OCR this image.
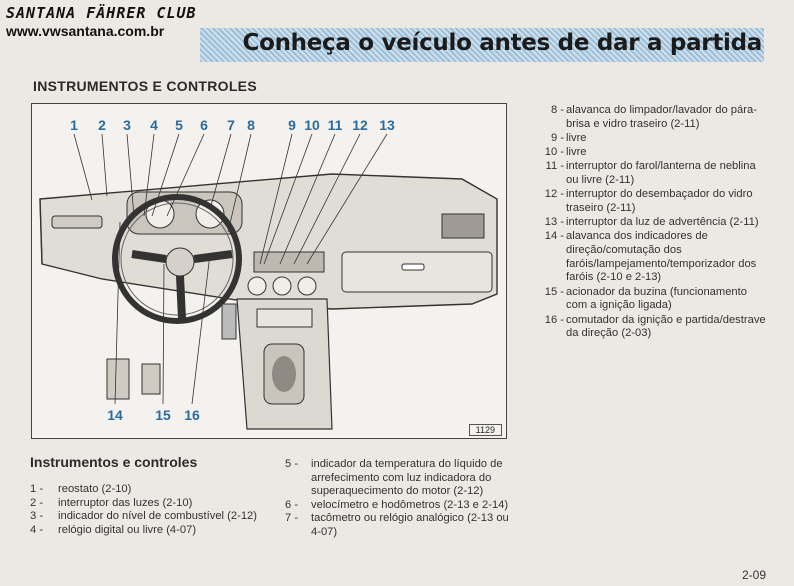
SANTANA FÄHRER CLUB
www.vwsantana.com.br	Conheça o veículo antes de dar a partida
INSTRUMENTOS E CONTROLES
1 2 3 4 5 6 7 8 9 10 11 12 13
14 15 16
1129
8 - alavanca do limpador/lavador do pára-brisa e vidro traseiro (2-11)
9 - livre
10 - livre
11 - interruptor do farol/lanterna de neblina ou livre (2-11)
12 - interruptor do desembaçador do vidro traseiro (2-11)
13 - interruptor da luz de advertência (2-11)
14 - alavanca dos indicadores de direção/comutação dos faróis/lampejamento/temporizador dos faróis (2-10 e 2-13)
15 - acionador da buzina (funcionamento com a ignição ligada)
16 - comutador da ignição e partida/destrave da direção (2-03)
Instrumentos e controles
1 -	reostato (2-10)
2 -	interruptor das luzes (2-10)
3 -	indicador do nível de combustível (2-12)
4 -	relógio digital ou livre (4-07)
5 -	indicador da temperatura do líquido de arrefecimento com luz indicadora do superaquecimento do motor (2-12)
6 -	velocímetro e hodômetros (2-13 e 2-14)
7 -	tacômetro ou relógio analógico (2-13 ou 4-07)
2-09
